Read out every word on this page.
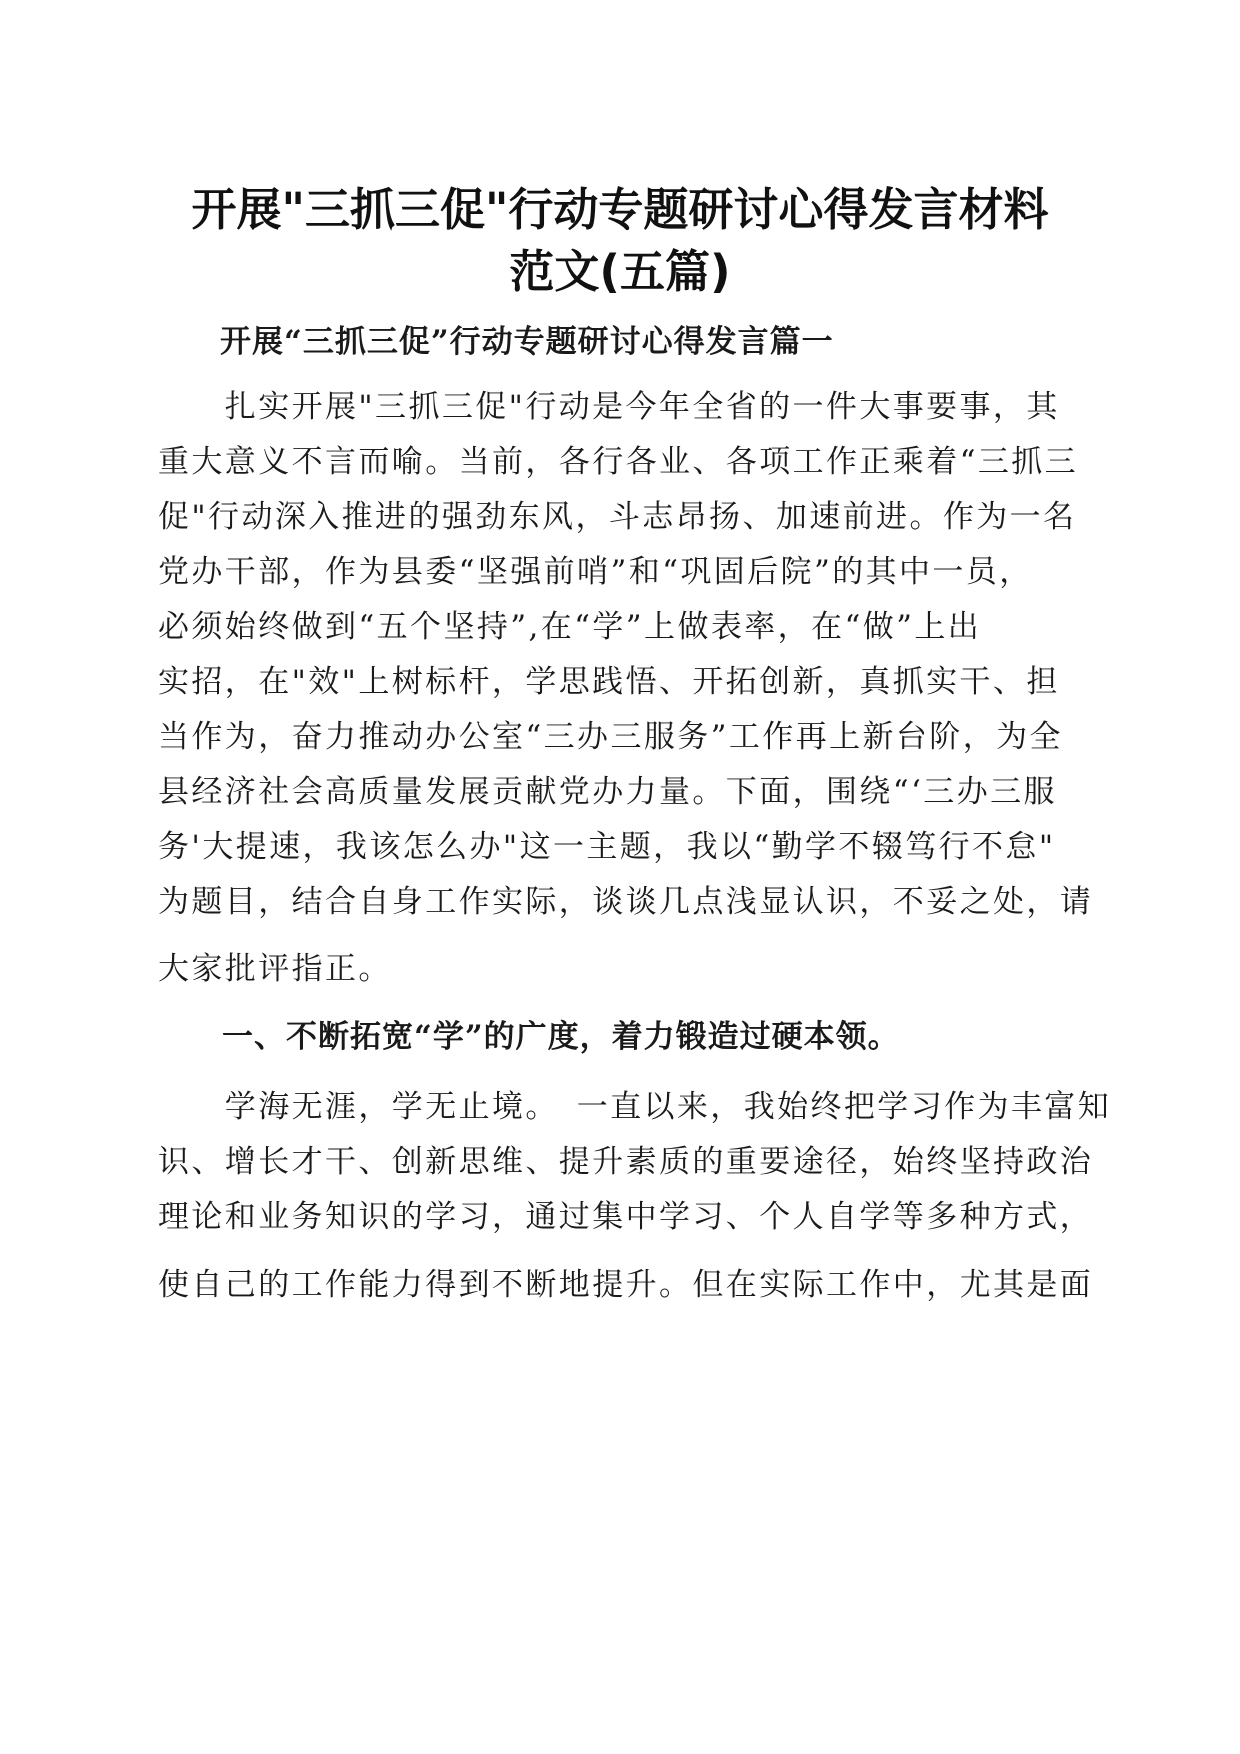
开展"三抓三促"行动专题研讨心得发言材料
范文(五篇)
开展“三抓三促”行动专题研讨心得发言篇一
　　扎实开展"三抓三促"行动是今年全省的一件大事要事，其
重大意义不言而喻。当前，各行各业、各项工作正乘着“三抓三
促"行动深入推进的强劲东风，斗志昂扬、加速前进。作为一名
党办干部，作为县委“坚强前哨”和“巩固后院”的其中一员，
必须始终做到“五个坚持”,在“学”上做表率，在“做”上出
实招，在"效"上树标杆，学思践悟、开拓创新，真抓实干、担
当作为，奋力推动办公室“三办三服务”工作再上新台阶，为全
县经济社会高质量发展贡献党办力量。下面，围绕“‘三办三服
务'大提速，我该怎么办"这一主题，我以“勤学不辍笃行不怠"
为题目，结合自身工作实际，谈谈几点浅显认识，不妥之处，请
大家批评指正。
　　一、不断拓宽“学”的广度，着力锻造过硬本领。
　　学海无涯，学无止境。　一直以来，我始终把学习作为丰富知
识、增长才干、创新思维、提升素质的重要途径，始终坚持政治
理论和业务知识的学习，通过集中学习、个人自学等多种方式，
使自己的工作能力得到不断地提升。但在实际工作中，尤其是面
